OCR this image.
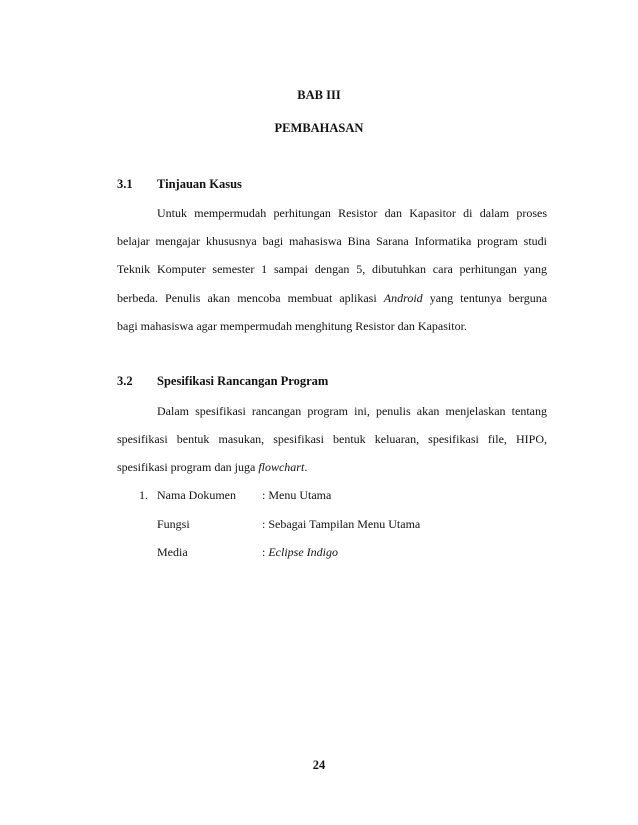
BAB III
PEMBAHASAN
3.1 Tinjauan Kasus
Untuk mempermudah perhitungan Resistor dan Kapasitor di dalam proses
belajar mengajar khususnya bagi mahasiswa Bina Sarana Informatika program studi
Teknik Komputer semester 1 sampai dengan 5, dibutuhkan cara perhitungan yang
berbeda. Penulis akan mencoba membuat aplikasi Android yang tentunya berguna
bagi mahasiswa agar mempermudah menghitung Resistor dan Kapasitor.
3.2 Spesifikasi Rancangan Program
Dalam spesifikasi rancangan program ini, penulis akan menjelaskan tentang
spesifikasi bentuk masukan, spesifikasi bentuk keluaran, spesifikasi file, HIPO,
spesifikasi program dan juga flowchart.
1. Nama Dokumen : Menu Utama
Fungsi	: Sebagai Tampilan Menu Utama
Media	: Eclipse Indigo
24
